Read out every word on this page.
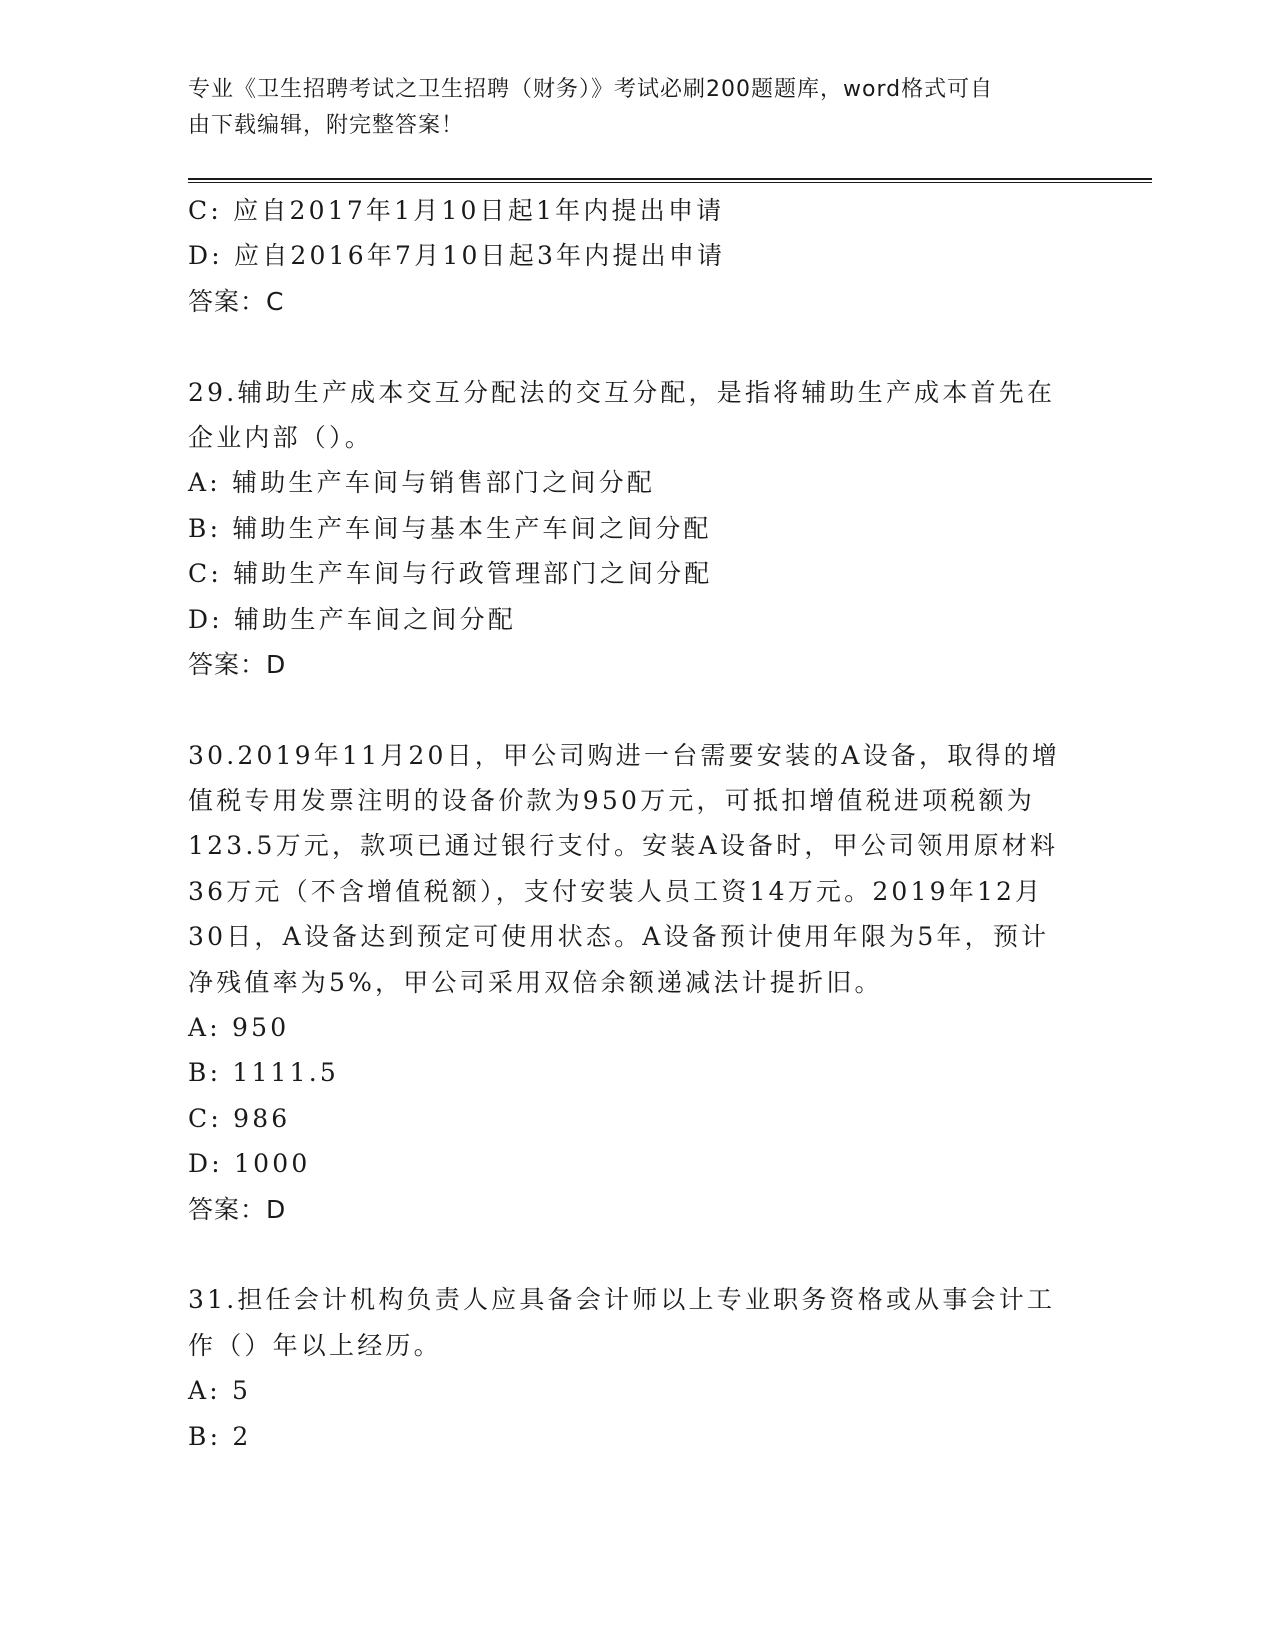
专业《卫生招聘考试之卫生招聘（财务）》考试必刷200题题库，word格式可自
由下载编辑，附完整答案！
C: 应自2017年1月10日起1年内提出申请
D: 应自2016年7月10日起3年内提出申请
答案：C
29.辅助生产成本交互分配法的交互分配，是指将辅助生产成本首先在
企业内部（）。
A: 辅助生产车间与销售部门之间分配
B: 辅助生产车间与基本生产车间之间分配
C: 辅助生产车间与行政管理部门之间分配
D: 辅助生产车间之间分配
答案：D
30.2019年11月20日，甲公司购进一台需要安装的A设备，取得的增
值税专用发票注明的设备价款为950万元，可抵扣增值税进项税额为
123.5万元，款项已通过银行支付。安装A设备时，甲公司领用原材料
36万元（不含增值税额），支付安装人员工资14万元。2019年12月
30日，A设备达到预定可使用状态。A设备预计使用年限为5年，预计
净残值率为5%，甲公司采用双倍余额递减法计提折旧。
A: 950
B: 1111.5
C: 986
D: 1000
答案：D
31.担任会计机构负责人应具备会计师以上专业职务资格或从事会计工
作（）年以上经历。
A: 5
B: 2
